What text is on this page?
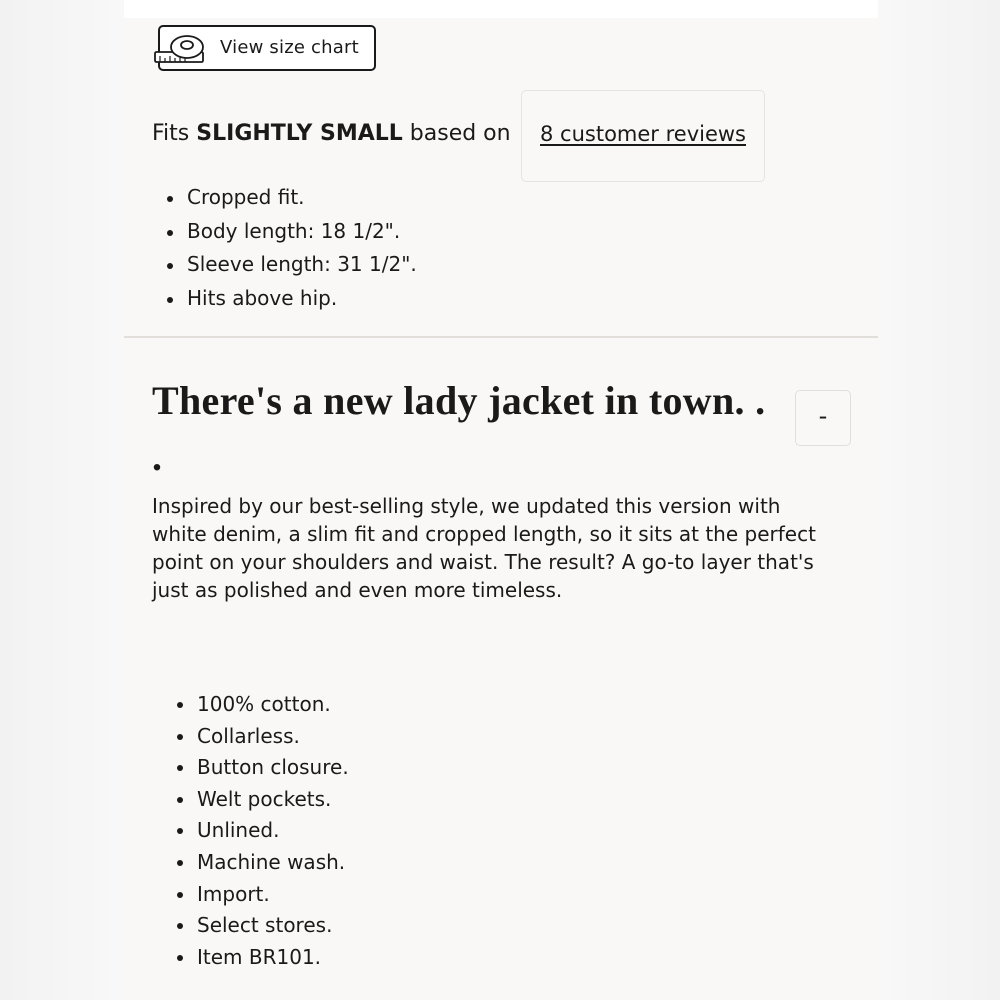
View size chart
Fits SLIGHTLY SMALL based on 8 customer reviews
Cropped fit.
Body length: 18 1/2".
Sleeve length: 31 1/2".
Hits above hip.
There's a new lady jacket in town. . .
-

Inspired by our best-selling style, we updated this version with white denim, a slim fit and cropped length, so it sits at the perfect point on your shoulders and waist. The result? A go-to layer that's just as polished and even more timeless.

100% cotton.
Collarless.
Button closure.
Welt pockets.
Unlined.
Machine wash.
Import.
Select stores.
Item BR101.
